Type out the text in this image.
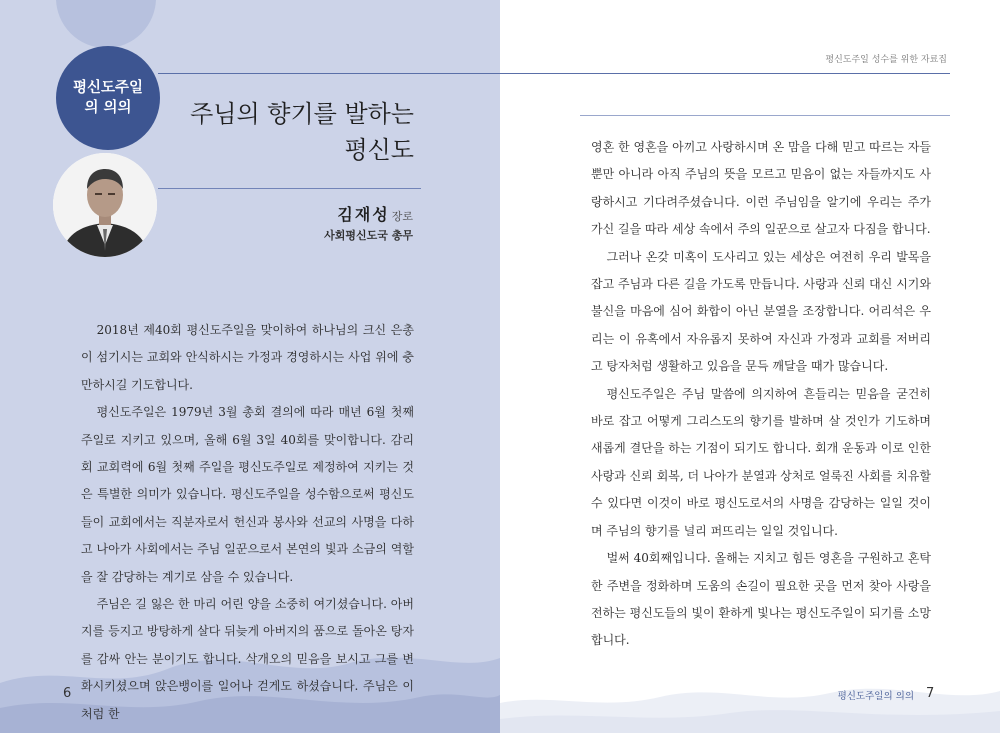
평신도주일의 의의	주님의 향기를 발하는
평신도
김재성 장로
사회평신도국 총무

2018년 제40회 평신도주일을 맞이하여 하나님의 크신 은총이 섬기시는 교회와 안식하시는 가정과 경영하시는 사업 위에 충만하시길 기도합니다.

평신도주일은 1979년 3월 총회 결의에 따라 매년 6월 첫째 주일로 지키고 있으며, 올해 6월 3일 40회를 맞이합니다. 감리회 교회력에 6월 첫째 주일을 평신도주일로 제정하여 지키는 것은 특별한 의미가 있습니다. 평신도주일을 성수함으로써 평신도들이 교회에서는 직분자로서 헌신과 봉사와 선교의 사명을 다하고 나아가 사회에서는 주님 일꾼으로서 본연의 빛과 소금의 역할을 잘 감당하는 계기로 삼을 수 있습니다.

주님은 길 잃은 한 마리 어린 양을 소중히 여기셨습니다. 아버지를 등지고 방탕하게 살다 뒤늦게 아버지의 품으로 돌아온 탕자를 감싸 안는 분이기도 합니다. 삭개오의 믿음을 보시고 그를 변화시키셨으며 앉은뱅이를 일어나 걷게도 하셨습니다. 주님은 이처럼 한

평신도주일 성수를 위한 자료집

영혼 한 영혼을 아끼고 사랑하시며 온 맘을 다해 믿고 따르는 자들뿐만 아니라 아직 주님의 뜻을 모르고 믿음이 없는 자들까지도 사랑하시고 기다려주셨습니다. 이런 주님임을 알기에 우리는 주가 가신 길을 따라 세상 속에서 주의 일꾼으로 살고자 다짐을 합니다.

그러나 온갖 미혹이 도사리고 있는 세상은 여전히 우리 발목을 잡고 주님과 다른 길을 가도록 만듭니다. 사랑과 신뢰 대신 시기와 불신을 마음에 심어 화합이 아닌 분열을 조장합니다. 어리석은 우리는 이 유혹에서 자유롭지 못하여 자신과 가정과 교회를 저버리고 탕자처럼 생활하고 있음을 문득 깨달을 때가 많습니다.

평신도주일은 주님 말씀에 의지하여 흔들리는 믿음을 굳건히 바로 잡고 어떻게 그리스도의 향기를 발하며 살 것인가 기도하며 새롭게 결단을 하는 기점이 되기도 합니다. 회개 운동과 이로 인한 사랑과 신뢰 회복, 더 나아가 분열과 상처로 얼룩진 사회를 치유할 수 있다면 이것이 바로 평신도로서의 사명을 감당하는 일일 것이며 주님의 향기를 널리 퍼뜨리는 일일 것입니다.

벌써 40회째입니다. 올해는 지치고 힘든 영혼을 구원하고 혼탁한 주변을 정화하며 도움의 손길이 필요한 곳을 먼저 찾아 사랑을 전하는 평신도들의 빛이 환하게 빛나는 평신도주일이 되기를 소망합니다.

6	평신도주일의 의의 7
